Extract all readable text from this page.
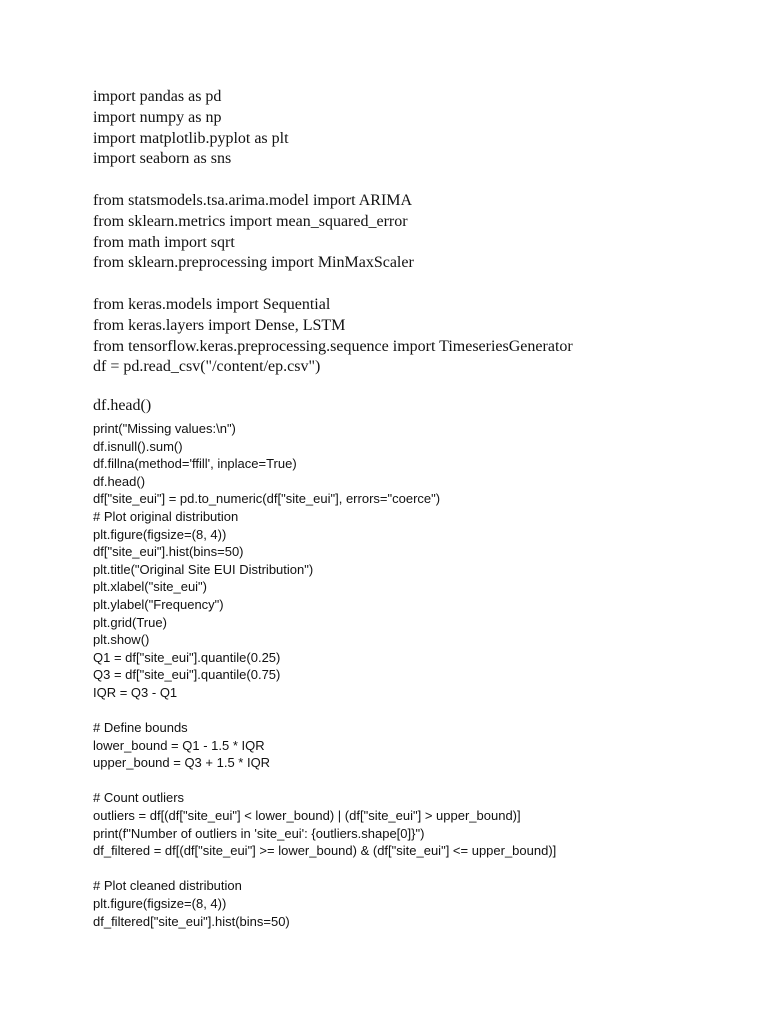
import pandas as pd
import numpy as np
import matplotlib.pyplot as plt
import seaborn as sns
from statsmodels.tsa.arima.model import ARIMA
from sklearn.metrics import mean_squared_error
from math import sqrt
from sklearn.preprocessing import MinMaxScaler
from keras.models import Sequential
from keras.layers import Dense, LSTM
from tensorflow.keras.preprocessing.sequence import TimeseriesGenerator
df = pd.read_csv("/content/ep.csv")
df.head()
print("Missing values:\n")
df.isnull().sum()
df.fillna(method='ffill', inplace=True)
df.head()
df["site_eui"] = pd.to_numeric(df["site_eui"], errors="coerce")
# Plot original distribution
plt.figure(figsize=(8, 4))
df["site_eui"].hist(bins=50)
plt.title("Original Site EUI Distribution")
plt.xlabel("site_eui")
plt.ylabel("Frequency")
plt.grid(True)
plt.show()
Q1 = df["site_eui"].quantile(0.25)
Q3 = df["site_eui"].quantile(0.75)
IQR = Q3 - Q1
# Define bounds
lower_bound = Q1 - 1.5 * IQR
upper_bound = Q3 + 1.5 * IQR
# Count outliers
outliers = df[(df["site_eui"] < lower_bound) | (df["site_eui"] > upper_bound)]
print(f"Number of outliers in 'site_eui': {outliers.shape[0]}")
df_filtered = df[(df["site_eui"] >= lower_bound) & (df["site_eui"] <= upper_bound)]
# Plot cleaned distribution
plt.figure(figsize=(8, 4))
df_filtered["site_eui"].hist(bins=50)
